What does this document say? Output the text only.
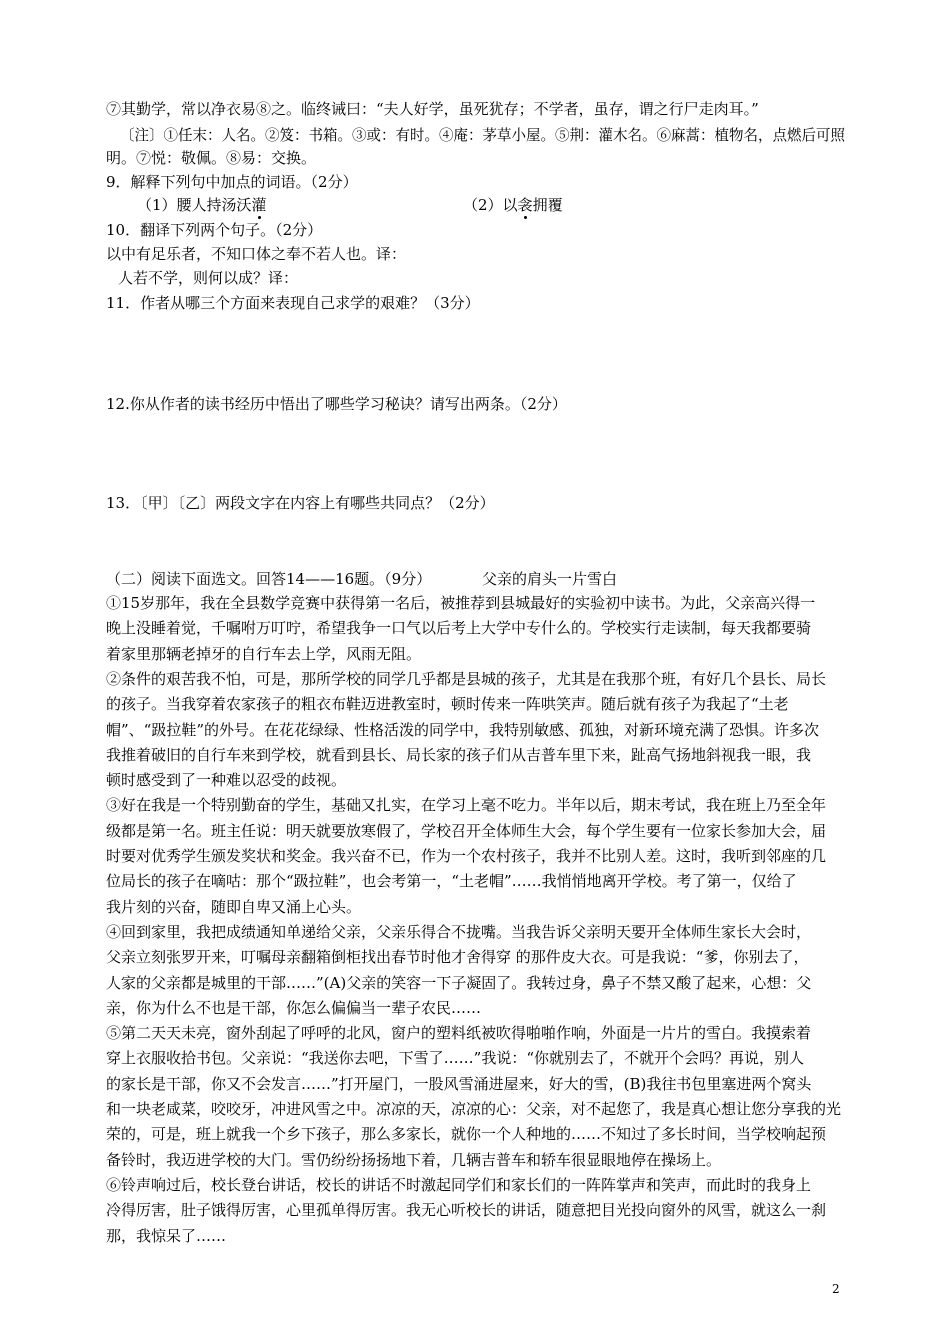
⑦其勤学，常以净衣易⑧之。临终诫曰：“夫人好学，虽死犹存；不学者，虽存，谓之行尸走肉耳。”
〔注〕①任末：人名。②笈：书箱。③或：有时。④庵：茅草小屋。⑤荆：灌木名。⑥麻蒿：植物名，点燃后可照
明。⑦悦：敬佩。⑧易：交换。
9．解释下列句中加点的词语。（2分）
（1）腰人持汤沃灌	（2）以衾拥覆
10．翻译下列两个句子。（2分）
以中有足乐者，不知口体之奉不若人也。译：
人若不学，则何以成？译：
11．作者从哪三个方面来表现自己求学的艰难？（3分）
12.你从作者的读书经历中悟出了哪些学习秘诀？请写出两条。（2分）
13．〔甲〕〔乙〕两段文字在内容上有哪些共同点？（2分）
（二）阅读下面选文。回答14——16题。（9分）	父亲的肩头一片雪白
①15岁那年，我在全县数学竞赛中获得第一名后，被推荐到县城最好的实验初中读书。为此，父亲高兴得一
晚上没睡着觉，千嘱咐万叮咛，希望我争一口气以后考上大学中专什么的。学校实行走读制，每天我都要骑
着家里那辆老掉牙的自行车去上学，风雨无阻。
②条件的艰苦我不怕，可是，那所学校的同学几乎都是县城的孩子，尤其是在我那个班，有好几个县长、局长
的孩子。当我穿着农家孩子的粗衣布鞋迈进教室时，顿时传来一阵哄笑声。随后就有孩子为我起了“土老
帽”、“趿拉鞋”的外号。在花花绿绿、性格活泼的同学中，我特别敏感、孤独，对新环境充满了恐惧。许多次
我推着破旧的自行车来到学校，就看到县长、局长家的孩子们从吉普车里下来，趾高气扬地斜视我一眼，我
顿时感受到了一种难以忍受的歧视。
③好在我是一个特别勤奋的学生，基础又扎实，在学习上毫不吃力。半年以后，期末考试，我在班上乃至全年
级都是第一名。班主任说：明天就要放寒假了，学校召开全体师生大会，每个学生要有一位家长参加大会，届
时要对优秀学生颁发奖状和奖金。我兴奋不已，作为一个农村孩子，我并不比别人差。这时，我听到邻座的几
位局长的孩子在嘀咕：那个“趿拉鞋”，也会考第一，“土老帽”……我悄悄地离开学校。考了第一，仅给了
我片刻的兴奋，随即自卑又涌上心头。
④回到家里，我把成绩通知单递给父亲，父亲乐得合不拢嘴。当我告诉父亲明天要开全体师生家长大会时，
父亲立刻张罗开来，叮嘱母亲翻箱倒柜找出春节时他才舍得穿 的那件皮大衣。可是我说：“爹，你别去了，
人家的父亲都是城里的干部……”(A)父亲的笑容一下子凝固了。我转过身，鼻子不禁又酸了起来，心想：父
亲，你为什么不也是干部，你怎么偏偏当一辈子农民……
⑤第二天天未亮，窗外刮起了呼呼的北风，窗户的塑料纸被吹得啪啪作响，外面是一片片的雪白。我摸索着
穿上衣服收拾书包。父亲说：“我送你去吧，下雪了……”我说：“你就别去了，不就开个会吗？再说，别人
的家长是干部，你又不会发言……”打开屋门，一股风雪涌进屋来，好大的雪，(B)我往书包里塞进两个窝头
和一块老咸菜，咬咬牙，冲进风雪之中。凉凉的天，凉凉的心：父亲，对不起您了，我是真心想让您分享我的光
荣的，可是，班上就我一个乡下孩子，那么多家长，就你一个人种地的……不知过了多长时间，当学校响起预
备铃时，我迈进学校的大门。雪仍纷纷扬扬地下着，几辆吉普车和轿车很显眼地停在操场上。
⑥铃声响过后，校长登台讲话，校长的讲话不时激起同学们和家长们的一阵阵掌声和笑声，而此时的我身上
冷得厉害，肚子饿得厉害，心里孤单得厉害。我无心听校长的讲话，随意把目光投向窗外的风雪，就这么一刹
那，我惊呆了……
2
